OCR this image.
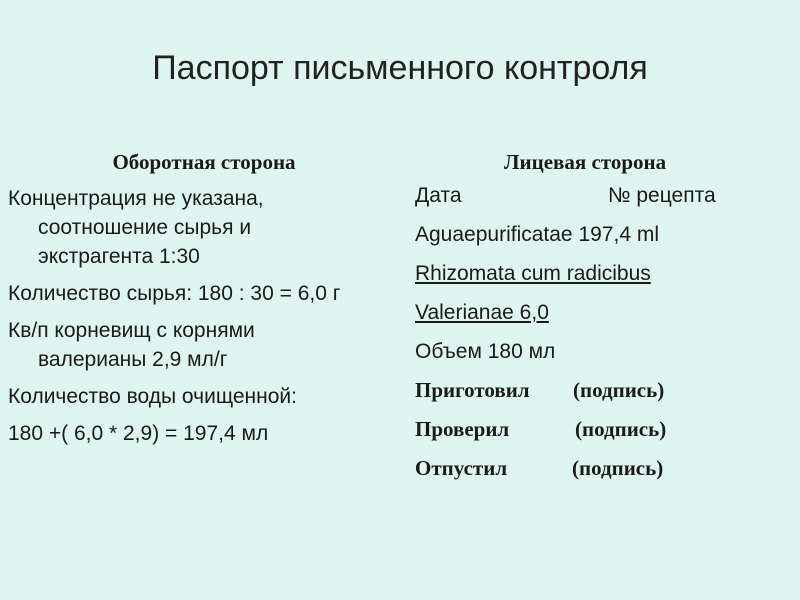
Паспорт письменного контроля
Оборотная сторона

Концентрация не указана,
соотношение сырья и
экстрагента 1:30

Количество сырья: 180 : 30 = 6,0 г

Кв/п корневищ с корнями
валерианы 2,9 мл/г

Количество воды очищенной:

180 +( 6,0 * 2,9) = 197,4 мл

Лицевая сторона
Дата	№ рецепта
Aguaepurificatae 197,4 ml
Rhizomata cum radicibus
Valerianae 6,0
Объем 180 мл
Приготовил (подпись)
Проверил	(подпись)
Отпустил	(подпись)
